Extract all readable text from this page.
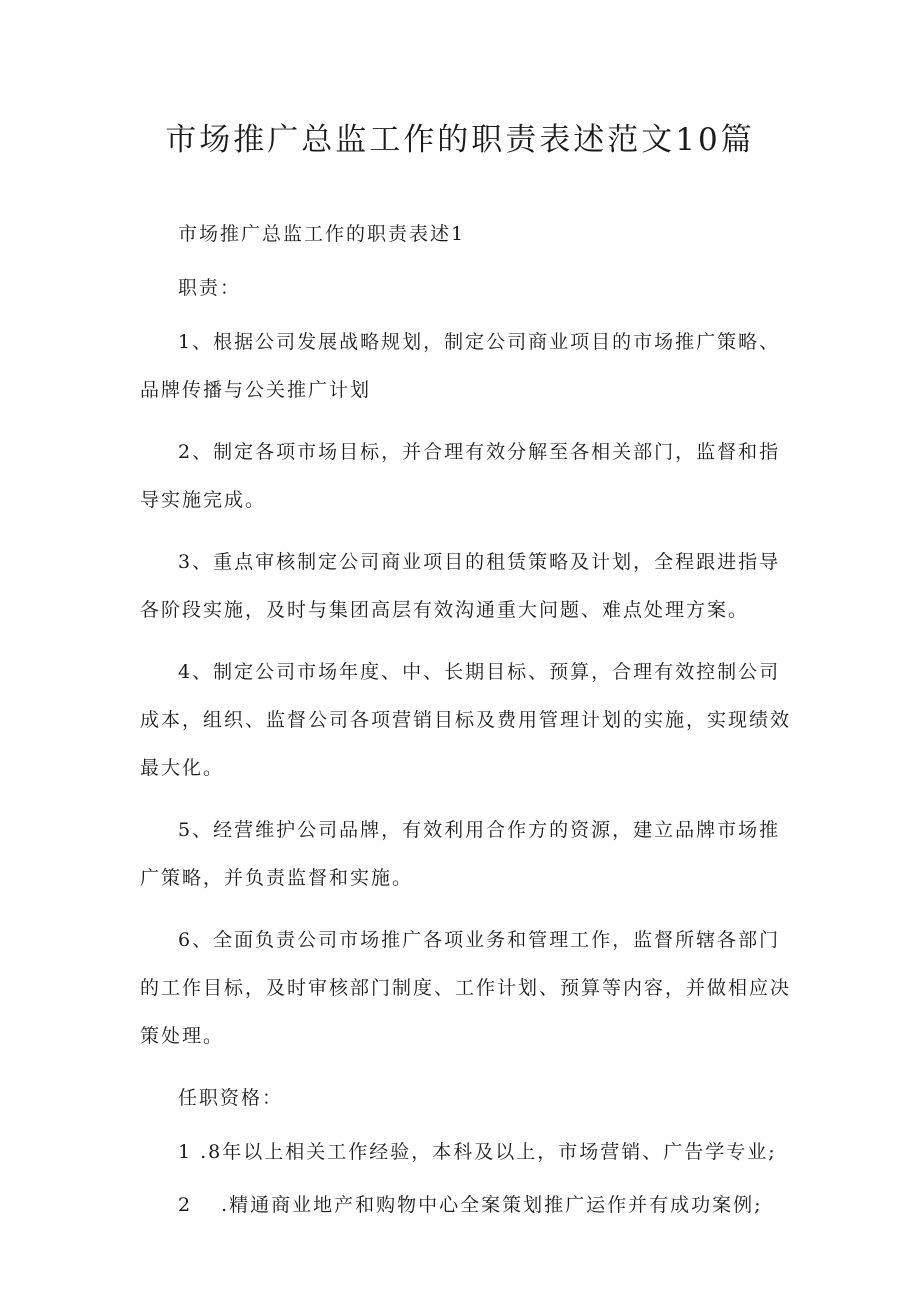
市场推广总监工作的职责表述范文10篇

市场推广总监工作的职责表述1

职责：

1、根据公司发展战略规划，制定公司商业项目的市场推广策略、品牌传播与公关推广计划

2、制定各项市场目标，并合理有效分解至各相关部门，监督和指导实施完成。

3、重点审核制定公司商业项目的租赁策略及计划，全程跟进指导各阶段实施，及时与集团高层有效沟通重大问题、难点处理方案。

4、制定公司市场年度、中、长期目标、预算，合理有效控制公司成本，组织、监督公司各项营销目标及费用管理计划的实施，实现绩效最大化。

5、经营维护公司品牌，有效利用合作方的资源，建立品牌市场推广策略，并负责监督和实施。

6、全面负责公司市场推广各项业务和管理工作，监督所辖各部门的工作目标，及时审核部门制度、工作计划、预算等内容，并做相应决策处理。

任职资格：

1 .8年以上相关工作经验，本科及以上，市场营销、广告学专业;

2　 .精通商业地产和购物中心全案策划推广运作并有成功案例;
